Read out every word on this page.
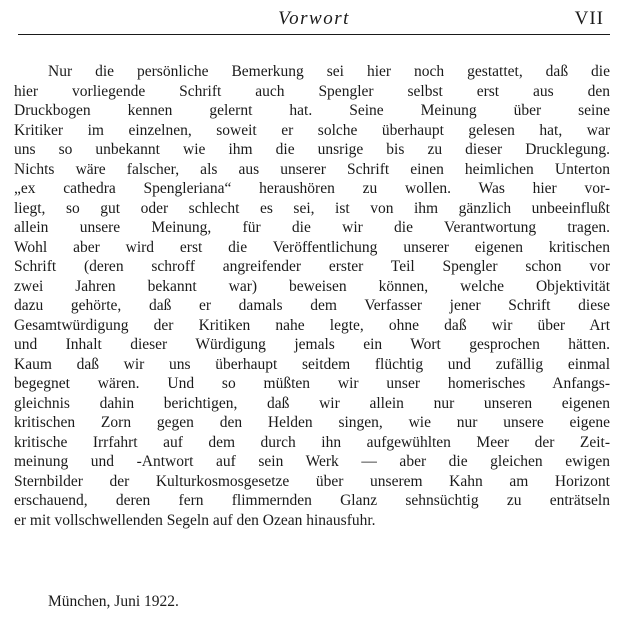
Vorwort	VII
Nur die persönliche Bemerkung sei hier noch gestattet, daß die
hier vorliegende Schrift auch Spengler selbst erst aus den
Druckbogen kennen gelernt hat. Seine Meinung über seine
Kritiker im einzelnen, soweit er solche überhaupt gelesen hat, war
uns so unbekannt wie ihm die unsrige bis zu dieser Drucklegung.
Nichts wäre falscher, als aus unserer Schrift einen heimlichen Unterton
„ex cathedra Spengleriana“ heraushören zu wollen. Was hier vor-
liegt, so gut oder schlecht es sei, ist von ihm gänzlich unbeeinflußt
allein unsere Meinung, für die wir die Verantwortung tragen.
Wohl aber wird erst die Veröffentlichung unserer eigenen kritischen
Schrift (deren schroff angreifender erster Teil Spengler schon vor
zwei Jahren bekannt war) beweisen können, welche Objektivität
dazu gehörte, daß er damals dem Verfasser jener Schrift diese
Gesamtwürdigung der Kritiken nahe legte, ohne daß wir über Art
und Inhalt dieser Würdigung jemals ein Wort gesprochen hätten.
Kaum daß wir uns überhaupt seitdem flüchtig und zufällig einmal
begegnet wären. Und so müßten wir unser homerisches Anfangs-
gleichnis dahin berichtigen, daß wir allein nur unseren eigenen
kritischen Zorn gegen den Helden singen, wie nur unsere eigene
kritische Irrfahrt auf dem durch ihn aufgewühlten Meer der Zeit-
meinung und -Antwort auf sein Werk — aber die gleichen ewigen
Sternbilder der Kulturkosmosgesetze über unserem Kahn am Horizont
erschauend, deren fern flimmernden Glanz sehnsüchtig zu enträtseln
er mit vollschwellenden Segeln auf den Ozean hinausfuhr.
München, Juni 1922.
